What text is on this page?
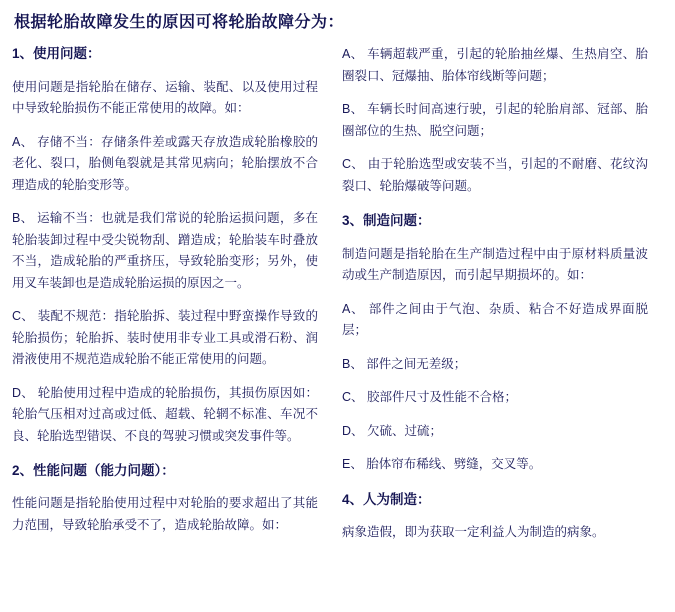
根据轮胎故障发生的原因可将轮胎故障分为：
1、使用问题：

使用问题是指轮胎在储存、运输、装配、以及使用过程中导致轮胎损伤不能正常使用的故障。如：

A、 存储不当：存储条件差或露天存放造成轮胎橡胶的老化、裂口，胎侧龟裂就是其常见病向；轮胎摆放不合理造成的轮胎变形等。

B、 运输不当：也就是我们常说的轮胎运损问题，多在轮胎装卸过程中受尖锐物刮、蹭造成；轮胎装车时叠放不当，造成轮胎的严重挤压，导致轮胎变形；另外，使用叉车装卸也是造成轮胎运损的原因之一。

C、 装配不规范：指轮胎拆、装过程中野蛮操作导致的轮胎损伤；轮胎拆、装时使用非专业工具或滑石粉、润滑液使用不规范造成轮胎不能正常使用的问题。

D、 轮胎使用过程中造成的轮胎损伤，其损伤原因如：轮胎气压相对过高或过低、超载、轮辋不标准、车况不良、轮胎选型错误、不良的驾驶习惯或突发事件等。

2、性能问题（能力问题）：

性能问题是指轮胎使用过程中对轮胎的要求超出了其能力范围，导致轮胎承受不了，造成轮胎故障。如：

A、 车辆超载严重，引起的轮胎抽丝爆、生热肩空、胎圈裂口、冠爆抽、胎体帘线断等问题；

B、 车辆长时间高速行驶，引起的轮胎肩部、冠部、胎圈部位的生热、脱空问题；

C、 由于轮胎选型或安装不当，引起的不耐磨、花纹沟裂口、轮胎爆破等问题。

3、制造问题：

制造问题是指轮胎在生产制造过程中由于原材料质量波动或生产制造原因，而引起早期损坏的。如：

A、 部件之间由于气泡、杂质、粘合不好造成界面脱层；

B、 部件之间无差级；

C、 胶部件尺寸及性能不合格；

D、 欠硫、过硫；

E、 胎体帘布稀线、劈缝，交叉等。

4、人为制造：

病象造假，即为获取一定利益人为制造的病象。
